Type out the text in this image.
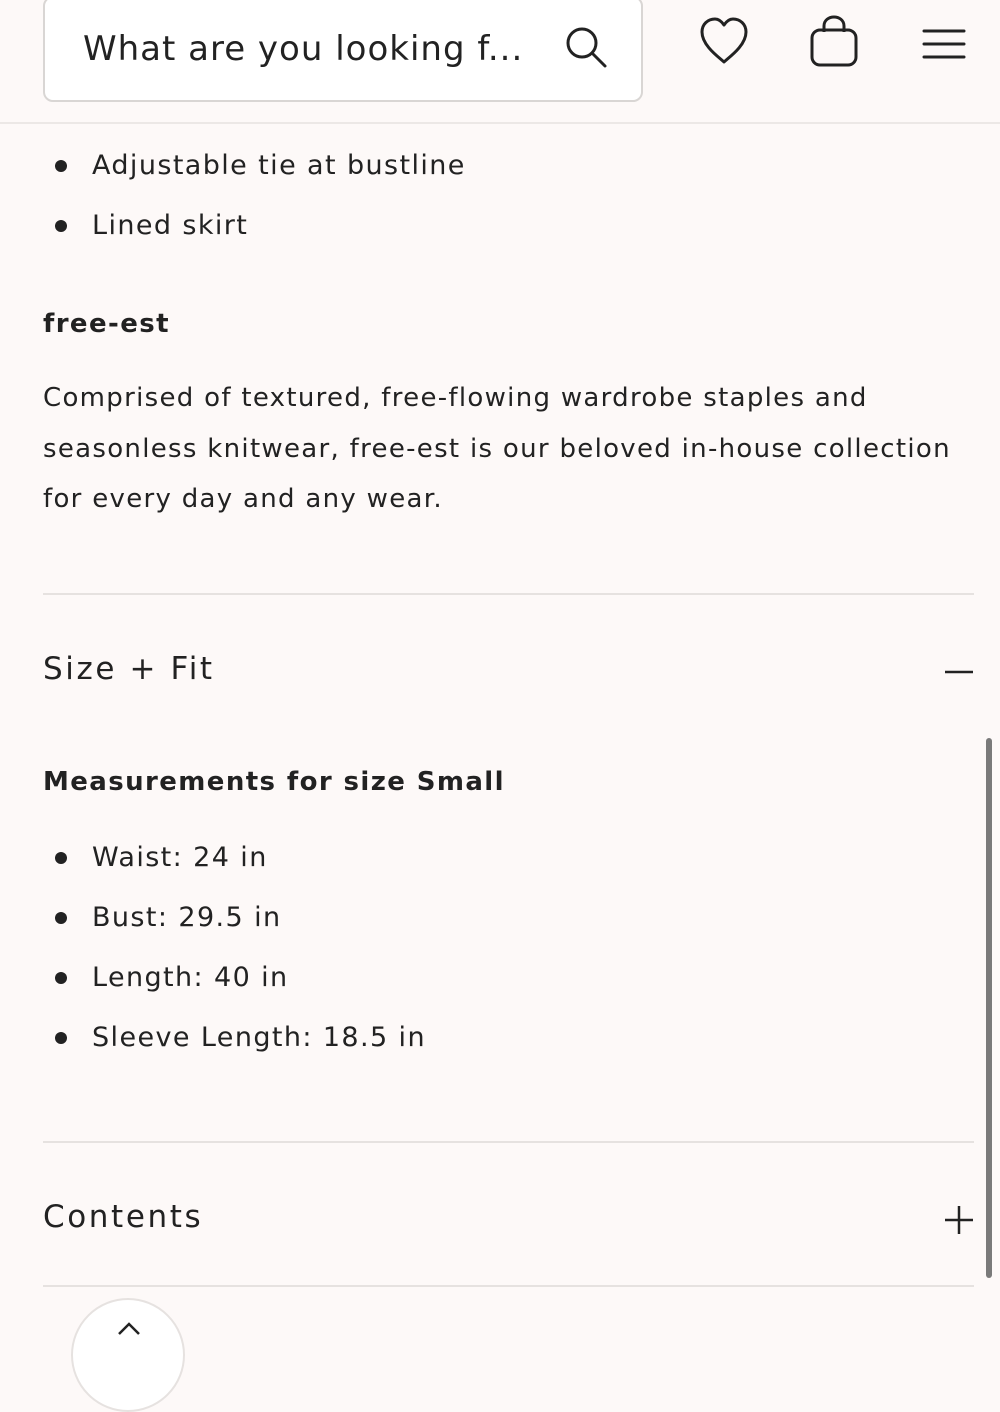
What are you looking f...
Adjustable tie at bustline
Lined skirt
free-est

Comprised of textured, free-flowing wardrobe staples and seasonless knitwear, free-est is our beloved in-house collection for every day and any wear.

Size + Fit
Measurements for size Small
Waist: 24 in
Bust: 29.5 in
Length: 40 in
Sleeve Length: 18.5 in
Contents
